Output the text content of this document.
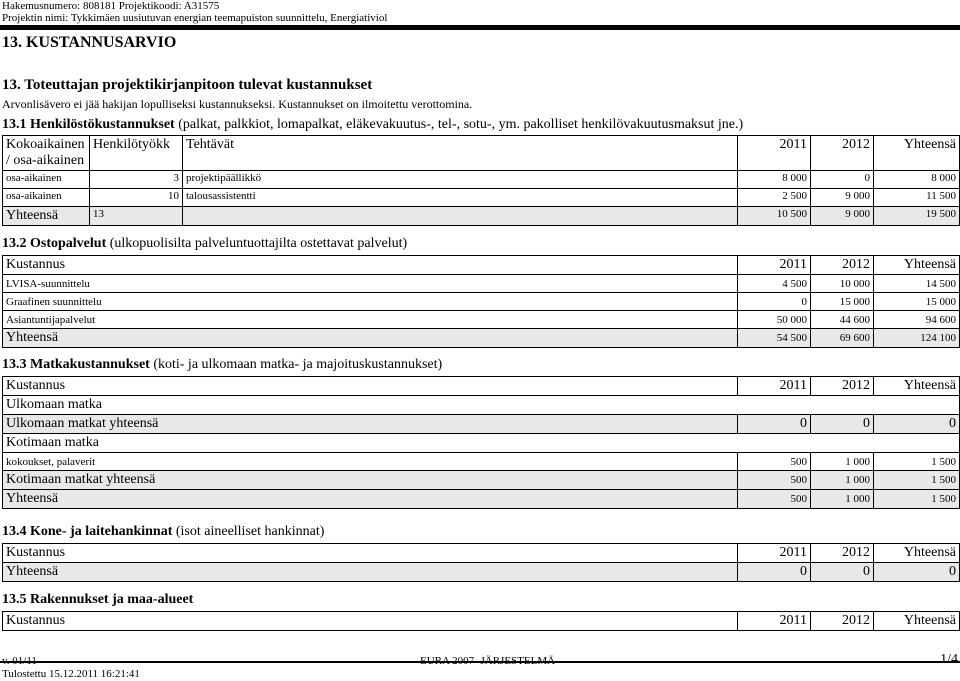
Hakemusnumero: 808181 Projektikoodi: A31575
Projektin nimi: Tykkimäen uusiutuvan energian teemapuiston suunnittelu, Energiativiol
13. KUSTANNUSARVIO
13. Toteuttajan projektikirjanpitoon tulevat kustannukset
Arvonlisävero ei jää hakijan lopulliseksi kustannukseksi. Kustannukset on ilmoitettu verottomina.
13.1 Henkilöstökustannukset (palkat, palkkiot, lomapalkat, eläkevakuutus-, tel-, sotu-, ym. pakolliset henkilövakuutusmaksut jne.)
Kokoaikainen / osa-aikainen	Henkilötyökk	Tehtävät	2011	2012	Yhteensä
osa-aikainen	3	projektipäällikkö	8 000	0	8 000
osa-aikainen	10	talousassistentti	2 500	9 000	11 500
Yhteensä	13		10 500	9 000	19 500
13.2 Ostopalvelut (ulkopuolisilta palveluntuottajilta ostettavat palvelut)
Kustannus	2011	2012	Yhteensä
LVISA-suunnittelu	4 500	10 000	14 500
Graafinen suunnittelu	0	15 000	15 000
Asiantuntijapalvelut	50 000	44 600	94 600
Yhteensä	54 500	69 600	124 100
13.3 Matkakustannukset (koti- ja ulkomaan matka- ja majoituskustannukset)
Kustannus	2011	2012	Yhteensä
Ulkomaan matka			
Ulkomaan matkat yhteensä	0	0	0
Kotimaan matka			
kokoukset, palaverit	500	1 000	1 500
Kotimaan matkat yhteensä	500	1 000	1 500
Yhteensä	500	1 000	1 500
13.4 Kone- ja laitehankinnat (isot aineelliset hankinnat)
Kustannus	2011	2012	Yhteensä
Yhteensä	0	0	0
13.5 Rakennukset ja maa-alueet
Kustannus	2011	2012	Yhteensä
v. 01/11	EURA 2007 -JÄRJESTELMÄ	1/4
Tulostettu 15.12.2011 16:21:41
